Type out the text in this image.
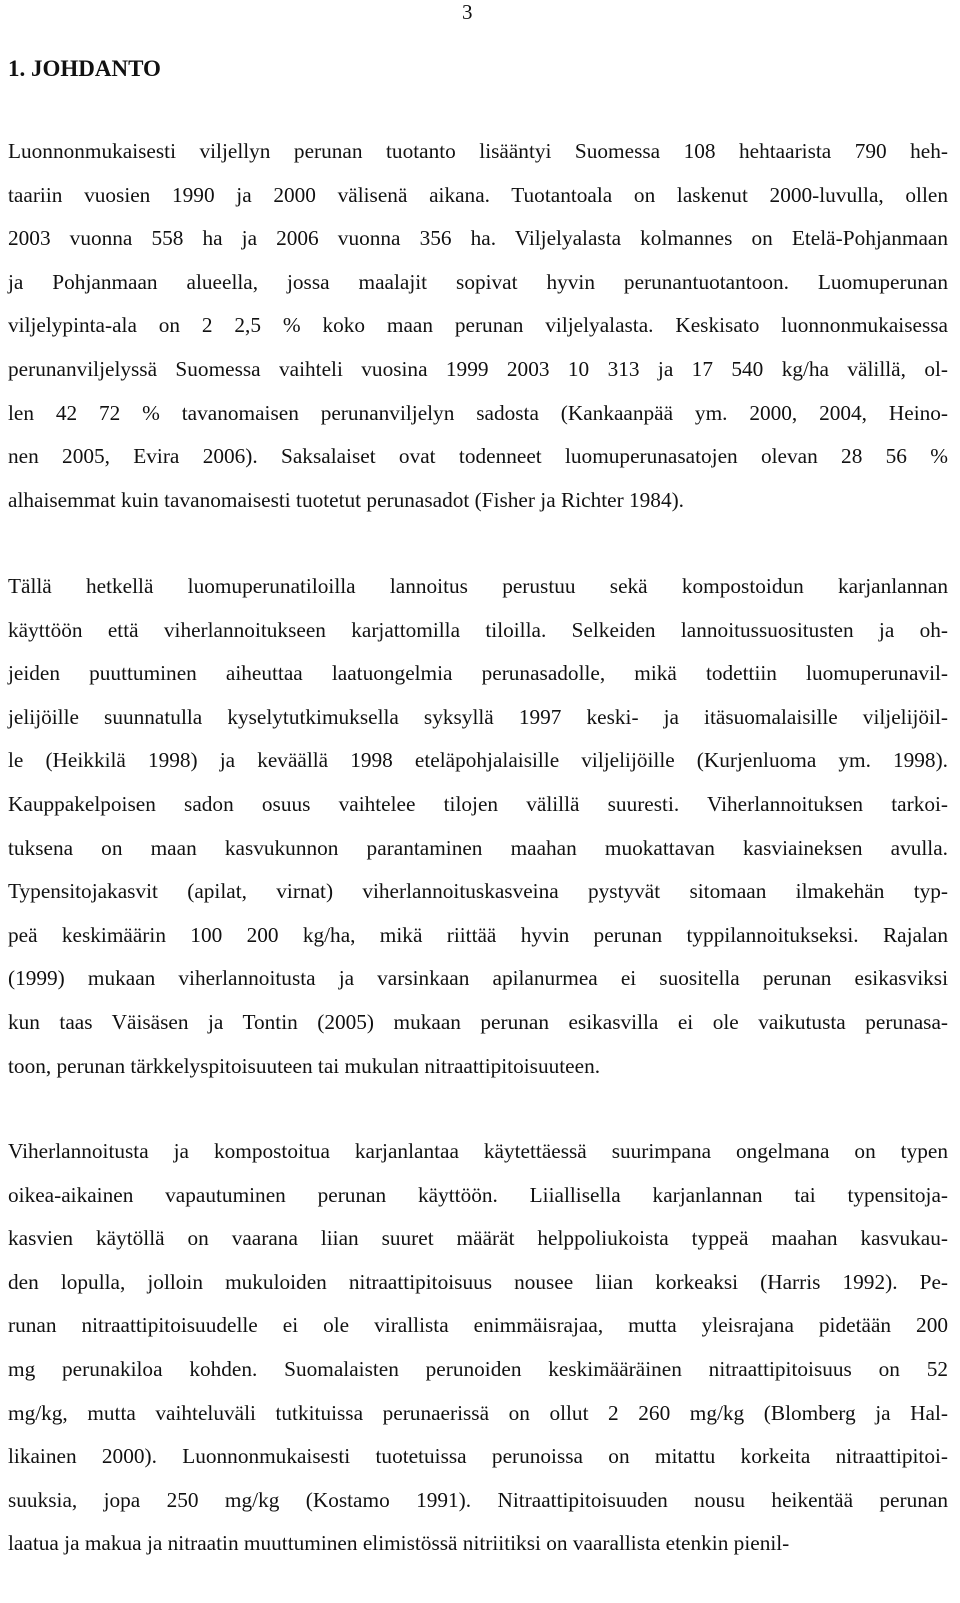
3
1. JOHDANTO
Luonnonmukaisesti viljellyn perunan tuotanto lisääntyi Suomessa 108 hehtaarista 790 heh-
taariin vuosien 1990 ja 2000 välisenä aikana. Tuotantoala on laskenut 2000-luvulla, ollen
2003 vuonna 558 ha ja 2006 vuonna 356 ha. Viljelyalasta kolmannes on Etelä-Pohjanmaan
ja Pohjanmaan alueella, jossa maalajit sopivat hyvin perunantuotantoon. Luomuperunan
viljelypinta-ala on 2 2,5 % koko maan perunan viljelyalasta. Keskisato luonnonmukaisessa
perunanviljelyssä Suomessa vaihteli vuosina 1999 2003 10 313 ja 17 540 kg/ha välillä, ol-
len 42 72 % tavanomaisen perunanviljelyn sadosta (Kankaanpää ym. 2000, 2004, Heino-
nen 2005, Evira 2006). Saksalaiset ovat todenneet luomuperunasatojen olevan 28 56 %
alhaisemmat kuin tavanomaisesti tuotetut perunasadot (Fisher ja Richter 1984).
Tällä hetkellä luomuperunatiloilla lannoitus perustuu sekä kompostoidun karjanlannan
käyttöön että viherlannoitukseen karjattomilla tiloilla. Selkeiden lannoitussuositusten ja oh-
jeiden puuttuminen aiheuttaa laatuongelmia perunasadolle, mikä todettiin luomuperunavil-
jelijöille suunnatulla kyselytutkimuksella syksyllä 1997 keski- ja itäsuomalaisille viljelijöil-
le (Heikkilä 1998) ja keväällä 1998 eteläpohjalaisille viljelijöille (Kurjenluoma ym. 1998).
Kauppakelpoisen sadon osuus vaihtelee tilojen välillä suuresti. Viherlannoituksen tarkoi-
tuksena on maan kasvukunnon parantaminen maahan muokattavan kasviaineksen avulla.
Typensitojakasvit (apilat, virnat) viherlannoituskasveina pystyvät sitomaan ilmakehän typ-
peä keskimäärin 100 200 kg/ha, mikä riittää hyvin perunan typpilannoitukseksi. Rajalan
(1999) mukaan viherlannoitusta ja varsinkaan apilanurmea ei suositella perunan esikasviksi
kun taas Väisäsen ja Tontin (2005) mukaan perunan esikasvilla ei ole vaikutusta perunasa-
toon, perunan tärkkelyspitoisuuteen tai mukulan nitraattipitoisuuteen.
Viherlannoitusta ja kompostoitua karjanlantaa käytettäessä suurimpana ongelmana on typen
oikea-aikainen vapautuminen perunan käyttöön. Liiallisella karjanlannan tai typensitoja-
kasvien käytöllä on vaarana liian suuret määrät helppoliukoista typpeä maahan kasvukau-
den lopulla, jolloin mukuloiden nitraattipitoisuus nousee liian korkeaksi (Harris 1992). Pe-
runan nitraattipitoisuudelle ei ole virallista enimmäisrajaa, mutta yleisrajana pidetään 200
mg perunakiloa kohden. Suomalaisten perunoiden keskimääräinen nitraattipitoisuus on 52
mg/kg, mutta vaihteluväli tutkituissa perunaerissä on ollut 2 260 mg/kg (Blomberg ja Hal-
likainen 2000). Luonnonmukaisesti tuotetuissa perunoissa on mitattu korkeita nitraattipitoi-
suuksia, jopa 250 mg/kg (Kostamo 1991). Nitraattipitoisuuden nousu heikentää perunan
laatua ja makua ja nitraatin muuttuminen elimistössä nitriitiksi on vaarallista etenkin pienil-
